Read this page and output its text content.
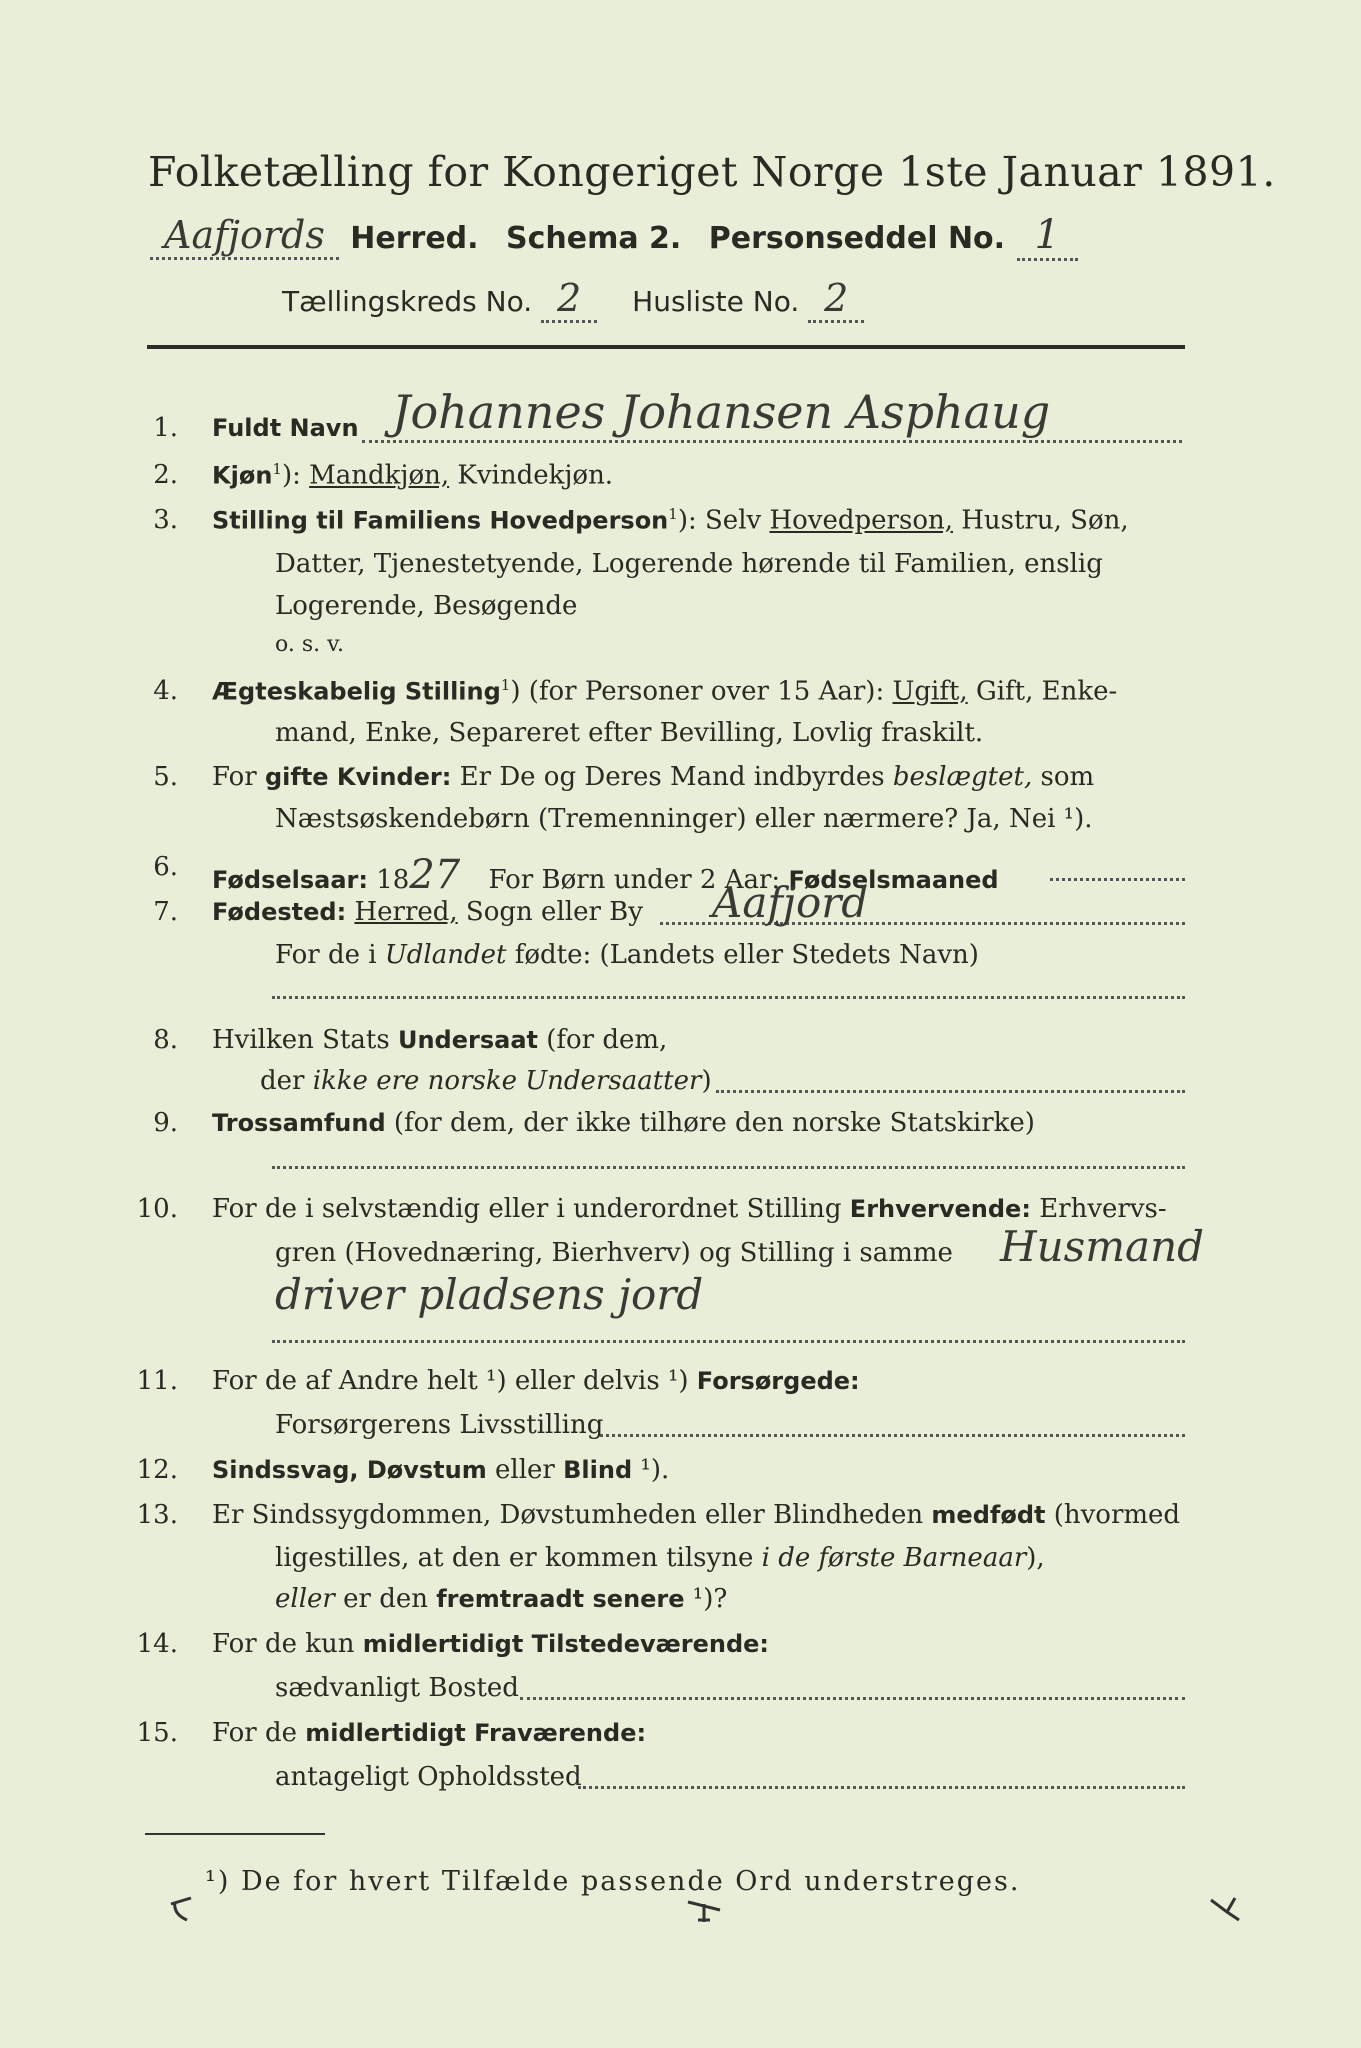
Folketælling for Kongeriget Norge 1ste Januar 1891.
Aafjords Herred. Schema 2. Personseddel No. 1
Tællingskreds No. 2 Husliste No. 2
1. Fuldt Navn Johannes Johansen Asphaug
2. Kjøn$^1$): Mandkjøn, Kvindekjøn.
3. Stilling til Familiens Hovedperson$^1$): Selv Hovedperson, Hustru, Søn,
Datter, Tjenestetyende, Logerende hørende til Familien, enslig
Logerende, Besøgende
o. s. v.
4. Ægteskabelig Stilling$^1$) (for Personer over 15 Aar): Ugift, Gift, Enke-
mand, Enke, Separeret efter Bevilling, Lovlig fraskilt.
5. For gifte Kvinder: Er De og Deres Mand indbyrdes beslægtet, som
Næstsøskendebørn (Tremenninger) eller nærmere? Ja, Nei ¹).
6. Fødselsaar: 1827 For Børn under 2 Aar: Fødselsmaaned
7. Fødested: Herred, Sogn eller By Aafjord
For de i Udlandet fødte: (Landets eller Stedets Navn)
8. Hvilken Stats Undersaat (for dem,
der ikke ere norske Undersaatter)
9. Trossamfund (for dem, der ikke tilhøre den norske Statskirke)
10. For de i selvstændig eller i underordnet Stilling Erhvervende: Erhvervs-
gren (Hovednæring, Bierhverv) og Stilling i samme Husmand
driver pladsens jord
11. For de af Andre helt ¹) eller delvis ¹) Forsørgede:
Forsørgerens Livsstilling
12. Sindssvag, Døvstum eller Blind ¹).
13. Er Sindssygdommen, Døvstumheden eller Blindheden medfødt (hvormed
ligestilles, at den er kommen tilsyne i de første Barneaar),
eller er den fremtraadt senere ¹)?
14. For de kun midlertidigt Tilstedeværende:
sædvanligt Bosted
15. For de midlertidigt Fraværende:
antageligt Opholdssted
¹) De for hvert Tilfælde passende Ord understreges.
